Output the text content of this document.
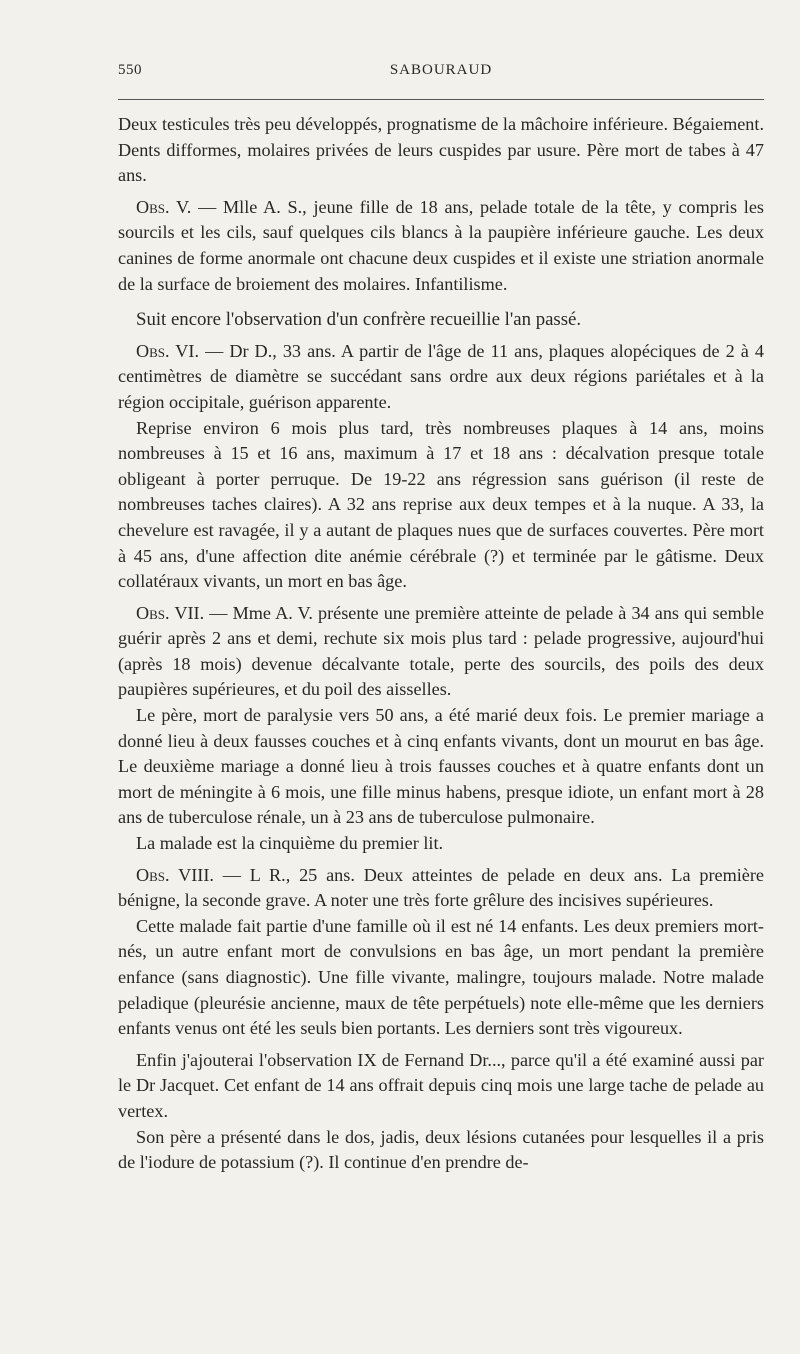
550	SABOURAUD

Deux testicules très peu développés, prognatisme de la mâchoire inférieure. Bégaiement. Dents difformes, molaires privées de leurs cuspides par usure. Père mort de tabes à 47 ans.

Obs. V. — Mlle A. S., jeune fille de 18 ans, pelade totale de la tête, y compris les sourcils et les cils, sauf quelques cils blancs à la paupière inférieure gauche. Les deux canines de forme anormale ont chacune deux cuspides et il existe une striation anormale de la surface de broiement des molaires. Infantilisme.

Suit encore l'observation d'un confrère recueillie l'an passé.

Obs. VI. — Dr D., 33 ans. A partir de l'âge de 11 ans, plaques alopéciques de 2 à 4 centimètres de diamètre se succédant sans ordre aux deux régions pariétales et à la région occipitale, guérison apparente.

Reprise environ 6 mois plus tard, très nombreuses plaques à 14 ans, moins nombreuses à 15 et 16 ans, maximum à 17 et 18 ans : décalvation presque totale obligeant à porter perruque. De 19-22 ans régression sans guérison (il reste de nombreuses taches claires). A 32 ans reprise aux deux tempes et à la nuque. A 33, la chevelure est ravagée, il y a autant de plaques nues que de surfaces couvertes. Père mort à 45 ans, d'une affection dite anémie cérébrale (?) et terminée par le gâtisme. Deux collatéraux vivants, un mort en bas âge.

Obs. VII. — Mme A. V. présente une première atteinte de pelade à 34 ans qui semble guérir après 2 ans et demi, rechute six mois plus tard : pelade progressive, aujourd'hui (après 18 mois) devenue décalvante totale, perte des sourcils, des poils des deux paupières supérieures, et du poil des aisselles.

Le père, mort de paralysie vers 50 ans, a été marié deux fois. Le premier mariage a donné lieu à deux fausses couches et à cinq enfants vivants, dont un mourut en bas âge. Le deuxième mariage a donné lieu à trois fausses couches et à quatre enfants dont un mort de méningite à 6 mois, une fille minus habens, presque idiote, un enfant mort à 28 ans de tuberculose rénale, un à 23 ans de tuberculose pulmonaire.

La malade est la cinquième du premier lit.

Obs. VIII. — L R., 25 ans. Deux atteintes de pelade en deux ans. La première bénigne, la seconde grave. A noter une très forte grêlure des incisives supérieures.

Cette malade fait partie d'une famille où il est né 14 enfants. Les deux premiers mort-nés, un autre enfant mort de convulsions en bas âge, un mort pendant la première enfance (sans diagnostic). Une fille vivante, malingre, toujours malade. Notre malade peladique (pleurésie ancienne, maux de tête perpétuels) note elle-même que les derniers enfants venus ont été les seuls bien portants. Les derniers sont très vigoureux.

Enfin j'ajouterai l'observation IX de Fernand Dr..., parce qu'il a été examiné aussi par le Dr Jacquet. Cet enfant de 14 ans offrait depuis cinq mois une large tache de pelade au vertex.

Son père a présenté dans le dos, jadis, deux lésions cutanées pour lesquelles il a pris de l'iodure de potassium (?). Il continue d'en prendre de-
